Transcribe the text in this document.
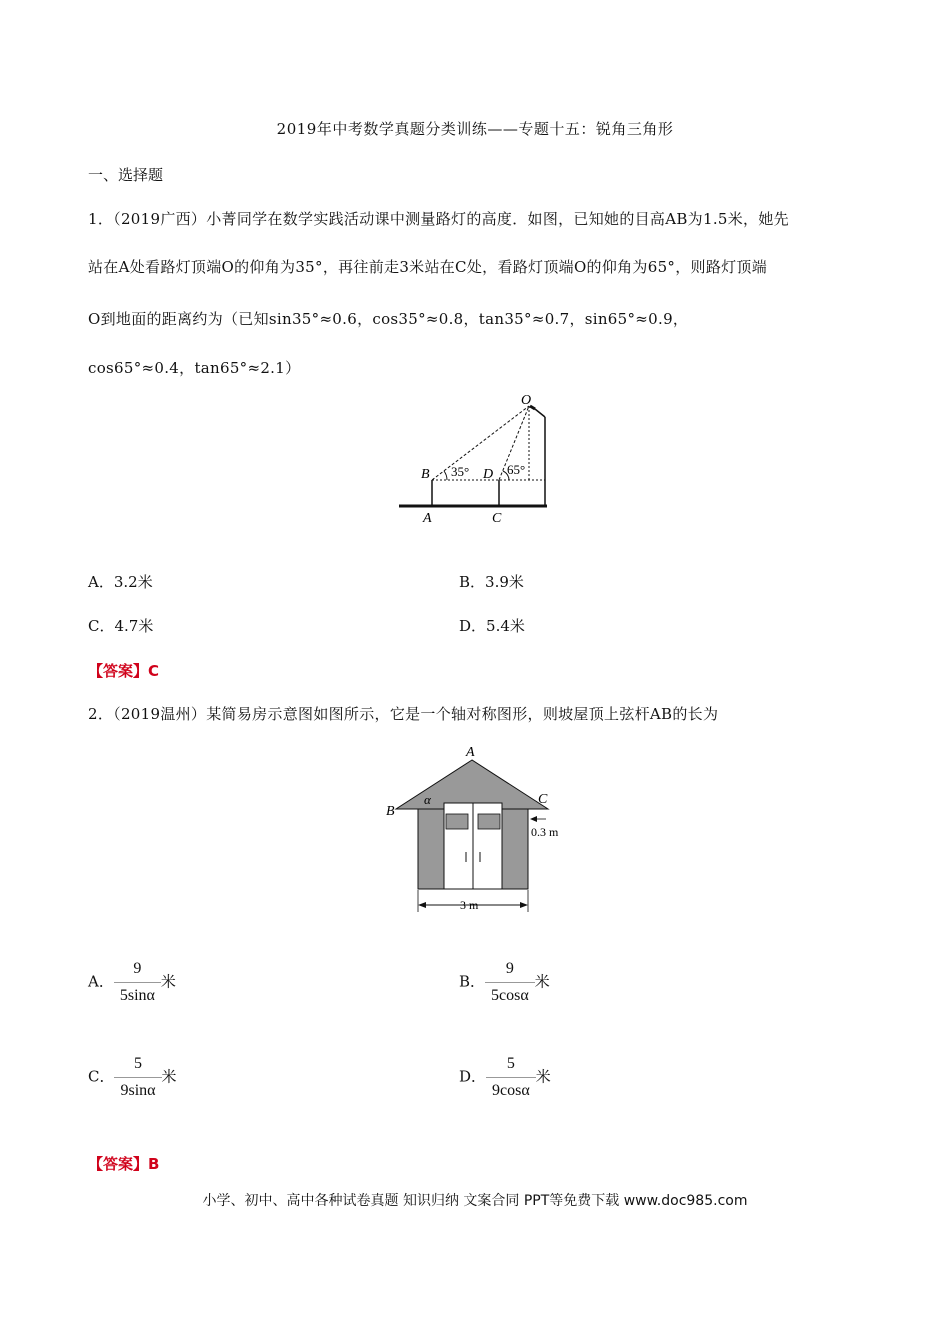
2019年中考数学真题分类训练——专题十五：锐角三角形
一、选择题
1．（2019广西）小菁同学在数学实践活动课中测量路灯的高度．如图，已知她的目高AB为1.5米，她先
站在A处看路灯顶端O的仰角为35°，再往前走3米站在C处，看路灯顶端O的仰角为65°，则路灯顶端
O到地面的距离约为（已知sin35°≈0.6，cos35°≈0.8，tan35°≈0.7，sin65°≈0.9，
cos65°≈0.4，tan65°≈2.1）
O
B	D
A	C
35°	65°
A．3.2米	B．3.9米
C．4.7米	D．5.4米
【答案】C
2．（2019温州）某简易房示意图如图所示，它是一个轴对称图形，则坡屋顶上弦杆AB的长为
A
B
C
α
3 m
0.3 m
A． $\frac{9}{5\sin\alpha}$ 米	B． $\frac{9}{5\cos\alpha}$ 米
C． $\frac{5}{9\sin\alpha}$ 米	D． $\frac{5}{9\cos\alpha}$ 米
【答案】B
小学、初中、高中各种试卷真题 知识归纳 文案合同 PPT等免费下载 www.doc985.com
